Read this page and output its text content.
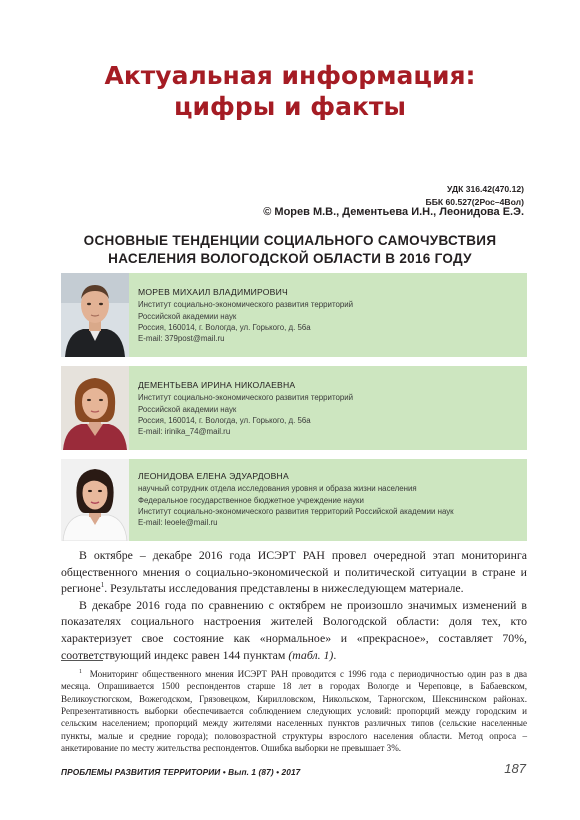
Актуальная информация:
цифры и факты
УДК 316.42(470.12)
ББК 60.527(2Рос–4Вол)
© Морев М.В., Дементьева И.Н., Леонидова Е.Э.
ОСНОВНЫЕ ТЕНДЕНЦИИ СОЦИАЛЬНОГО САМОЧУВСТВИЯ
НАСЕЛЕНИЯ ВОЛОГОДСКОЙ ОБЛАСТИ В 2016 ГОДУ
МОРЕВ МИХАИЛ ВЛАДИМИРОВИЧ
Институт социально-экономического развития территорий
Российской академии наук
Россия, 160014, г. Вологда, ул. Горького, д. 56а
E-mail: 379post@mail.ru
ДЕМЕНТЬЕВА ИРИНА НИКОЛАЕВНА
Институт социально-экономического развития территорий
Российской академии наук
Россия, 160014, г. Вологда, ул. Горького, д. 56а
E-mail: irinika_74@mail.ru
ЛЕОНИДОВА ЕЛЕНА ЭДУАРДОВНА
научный сотрудник отдела исследования уровня и образа жизни населения
Федеральное государственное бюджетное учреждение науки
Институт социально-экономического развития территорий Российской академии наук
E-mail: leoele@mail.ru

В октябре – декабре 2016 года ИСЭРТ РАН провел очередной этап мониторинга общественного мнения о социально-экономической и политической ситуации в стране и регионе$^1$. Результаты исследования представлены в нижеследующем материале.

В декабре 2016 года по сравнению с октябрем не произошло значимых изменений в показателях социального настроения жителей Вологодской области: доля тех, кто характеризует свое состояние как «нормальное» и «прекрасное», составляет 70%, соответствующий индекс равен 144 пунктам (табл. 1).

$^1$ Мониторинг общественного мнения ИСЭРТ РАН проводится с 1996 года с периодичностью один раз в два месяца. Опрашивается 1500 респондентов старше 18 лет в городах Вологде и Череповце, в Бабаевском, Великоустюгском, Вожегодском, Грязовецком, Кирилловском, Никольском, Тарногском, Шекснинском районах. Репрезентативность выборки обеспечивается соблюдением следующих условий: пропорций между городским и сельским населением; пропорций между жителями населенных пунктов различных типов (сельские населенные пункты, малые и средние города); половозрастной структуры взрослого населения области. Метод опроса – анкетирование по месту жительства респондентов. Ошибка выборки не превышает 3%.

ПРОБЛЕМЫ РАЗВИТИЯ ТЕРРИТОРИИ • Вып. 1 (87) • 2017	187
